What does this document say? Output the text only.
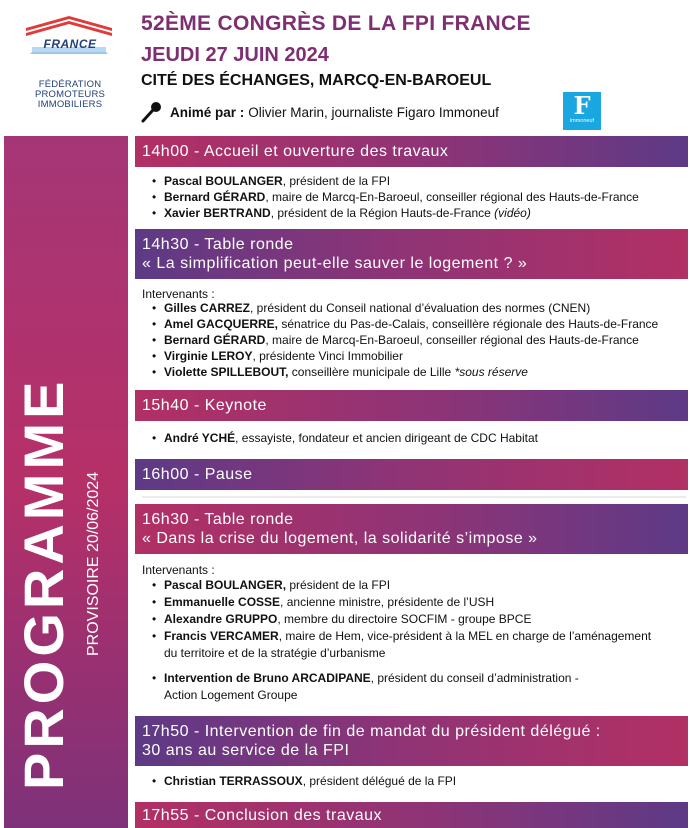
FRANCE
FÉDÉRATION
PROMOTEURS
IMMOBILIERS
52ÈME CONGRÈS DE LA FPI FRANCE
JEUDI 27 JUIN 2024
CITÉ DES ÉCHANGES, MARCQ-EN-BAROEUL
Animé par : Olivier Marin, journaliste Figaro Immoneuf	F
immoneuf
PROGRAMME PROVISOIRE 20/06/2024
14h00 - Accueil et ouverture des travaux
• Pascal BOULANGER, président de la FPI
• Bernard GÉRARD, maire de Marcq-En-Baroeul, conseiller régional des Hauts-de-France
• Xavier BERTRAND, président de la Région Hauts-de-France (vidéo)
14h30 - Table ronde
« La simplification peut-elle sauver le logement ? »
Intervenants :
• Gilles CARREZ, président du Conseil national d’évaluation des normes (CNEN)
• Amel GACQUERRE, sénatrice du Pas-de-Calais, conseillère régionale des Hauts-de-France
• Bernard GÉRARD, maire de Marcq-En-Baroeul, conseiller régional des Hauts-de-France
• Virginie LEROY, présidente Vinci Immobilier
• Violette SPILLEBOUT, conseillère municipale de Lille *sous réserve
15h40 - Keynote
• André YCHÉ, essayiste, fondateur et ancien dirigeant de CDC Habitat
16h00 - Pause
16h30 - Table ronde
« Dans la crise du logement, la solidarité s’impose »
Intervenants :
• Pascal BOULANGER, président de la FPI
• Emmanuelle COSSE, ancienne ministre, présidente de l’USH
• Alexandre GRUPPO, membre du directoire SOCFIM - groupe BPCE
• Francis VERCAMER, maire de Hem, vice-président à la MEL en charge de l’aménagement
du territoire et de la stratégie d’urbanisme
• Intervention de Bruno ARCADIPANE, président du conseil d’administration -
Action Logement Groupe
17h50 - Intervention de fin de mandat du président délégué :
30 ans au service de la FPI
• Christian TERRASSOUX, président délégué de la FPI
17h55 - Conclusion des travaux
